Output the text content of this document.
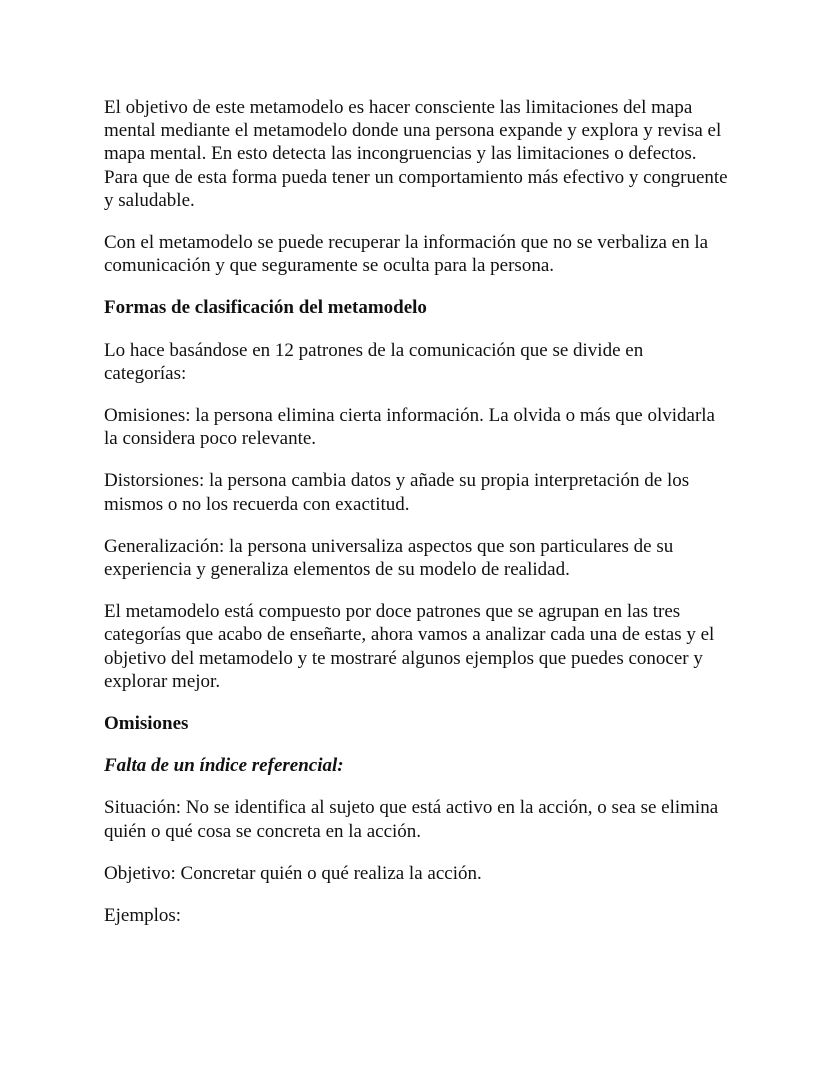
El objetivo de este metamodelo es hacer consciente las limitaciones del mapa mental mediante el metamodelo donde una persona expande y explora y revisa el mapa mental. En esto detecta las incongruencias y las limitaciones o defectos. Para que de esta forma pueda tener un comportamiento más efectivo y congruente y saludable.

Con el metamodelo se puede recuperar la información que no se verbaliza en la comunicación y que seguramente se oculta para la persona.

Formas de clasificación del metamodelo

Lo hace basándose en 12 patrones de la comunicación que se divide en categorías:

Omisiones: la persona elimina cierta información. La olvida o más que olvidarla la considera poco relevante.

Distorsiones: la persona cambia datos y añade su propia interpretación de los mismos o no los recuerda con exactitud.

Generalización: la persona universaliza aspectos que son particulares de su experiencia y generaliza elementos de su modelo de realidad.

El metamodelo está compuesto por doce patrones que se agrupan en las tres categorías que acabo de enseñarte, ahora vamos a analizar cada una de estas y el objetivo del metamodelo y te mostraré algunos ejemplos que puedes conocer y explorar mejor.

Omisiones

Falta de un índice referencial:

Situación: No se identifica al sujeto que está activo en la acción, o sea se elimina quién o qué cosa se concreta en la acción.

Objetivo: Concretar quién o qué realiza la acción.

Ejemplos:
